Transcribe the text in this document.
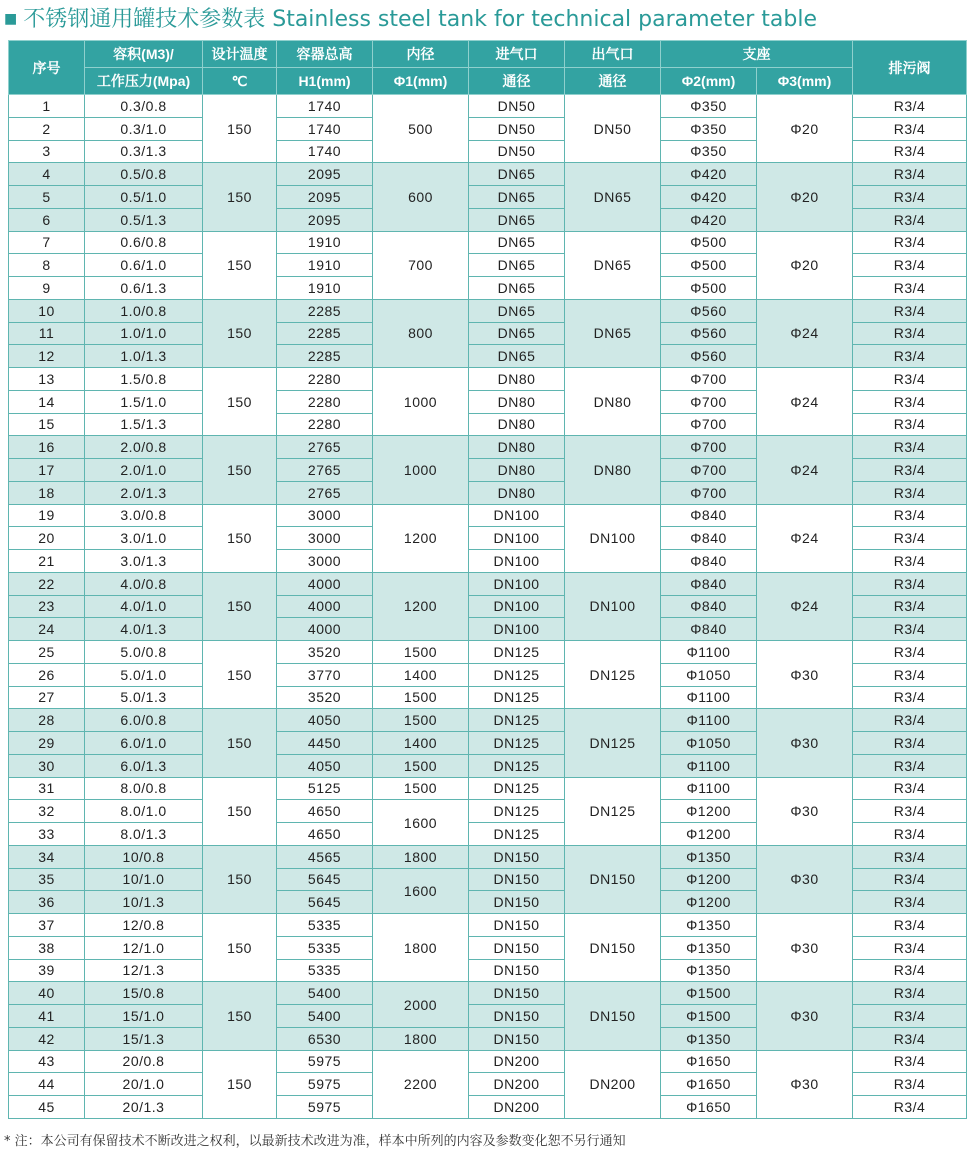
■ 不锈钢通用罐技术参数表 Stainless steel tank for technical parameter table
序号	容积(M3)/	设计温度	容器总高	内径	进气口	出气口	支座		排污阀
	工作压力(Mpa)	℃	H1(mm)	Φ1(mm)	通径	通径	Φ2(mm)	Φ3(mm)	
1	0.3/0.8	150	1740	500	DN50	DN50	Φ350	Φ20	R3/4
2	0.3/1.0		1740		DN50		Φ350		R3/4
3	0.3/1.3		1740		DN50		Φ350		R3/4
4	0.5/0.8	150	2095	600	DN65	DN65	Φ420	Φ20	R3/4
5	0.5/1.0		2095		DN65		Φ420		R3/4
6	0.5/1.3		2095		DN65		Φ420		R3/4
7	0.6/0.8	150	1910	700	DN65	DN65	Φ500	Φ20	R3/4
8	0.6/1.0		1910		DN65		Φ500		R3/4
9	0.6/1.3		1910		DN65		Φ500		R3/4
10	1.0/0.8	150	2285	800	DN65	DN65	Φ560	Φ24	R3/4
11	1.0/1.0		2285		DN65		Φ560		R3/4
12	1.0/1.3		2285		DN65		Φ560		R3/4
13	1.5/0.8	150	2280	1000	DN80	DN80	Φ700	Φ24	R3/4
14	1.5/1.0		2280		DN80		Φ700		R3/4
15	1.5/1.3		2280		DN80		Φ700		R3/4
16	2.0/0.8	150	2765	1000	DN80	DN80	Φ700	Φ24	R3/4
17	2.0/1.0		2765		DN80		Φ700		R3/4
18	2.0/1.3		2765		DN80		Φ700		R3/4
19	3.0/0.8	150	3000	1200	DN100	DN100	Φ840	Φ24	R3/4
20	3.0/1.0		3000		DN100		Φ840		R3/4
21	3.0/1.3		3000		DN100		Φ840		R3/4
22	4.0/0.8	150	4000	1200	DN100	DN100	Φ840	Φ24	R3/4
23	4.0/1.0		4000		DN100		Φ840		R3/4
24	4.0/1.3		4000		DN100		Φ840		R3/4
25	5.0/0.8	150	3520	1500	DN125	DN125	Φ1100	Φ30	R3/4
26	5.0/1.0		3770	1400	DN125		Φ1050		R3/4
27	5.0/1.3		3520	1500	DN125		Φ1100		R3/4
28	6.0/0.8	150	4050	1500	DN125	DN125	Φ1100	Φ30	R3/4
29	6.0/1.0		4450	1400	DN125		Φ1050		R3/4
30	6.0/1.3		4050	1500	DN125		Φ1100		R3/4
31	8.0/0.8	150	5125	1500	DN125	DN125	Φ1100	Φ30	R3/4
32	8.0/1.0		4650	1600	DN125		Φ1200		R3/4
33	8.0/1.3		4650		DN125		Φ1200		R3/4
34	10/0.8	150	4565	1800	DN150	DN150	Φ1350	Φ30	R3/4
35	10/1.0		5645	1600	DN150		Φ1200		R3/4
36	10/1.3		5645		DN150		Φ1200		R3/4
37	12/0.8	150	5335	1800	DN150	DN150	Φ1350	Φ30	R3/4
38	12/1.0		5335		DN150		Φ1350		R3/4
39	12/1.3		5335		DN150		Φ1350		R3/4
40	15/0.8	150	5400	2000	DN150	DN150	Φ1500	Φ30	R3/4
41	15/1.0		5400		DN150		Φ1500		R3/4
42	15/1.3		6530	1800	DN150		Φ1350		R3/4
43	20/0.8	150	5975	2200	DN200	DN200	Φ1650	Φ30	R3/4
44	20/1.0		5975		DN200		Φ1650		R3/4
45	20/1.3		5975		DN200		Φ1650		R3/4
* 注：本公司有保留技术不断改进之权利，以最新技术改进为准，样本中所列的内容及参数变化恕不另行通知
